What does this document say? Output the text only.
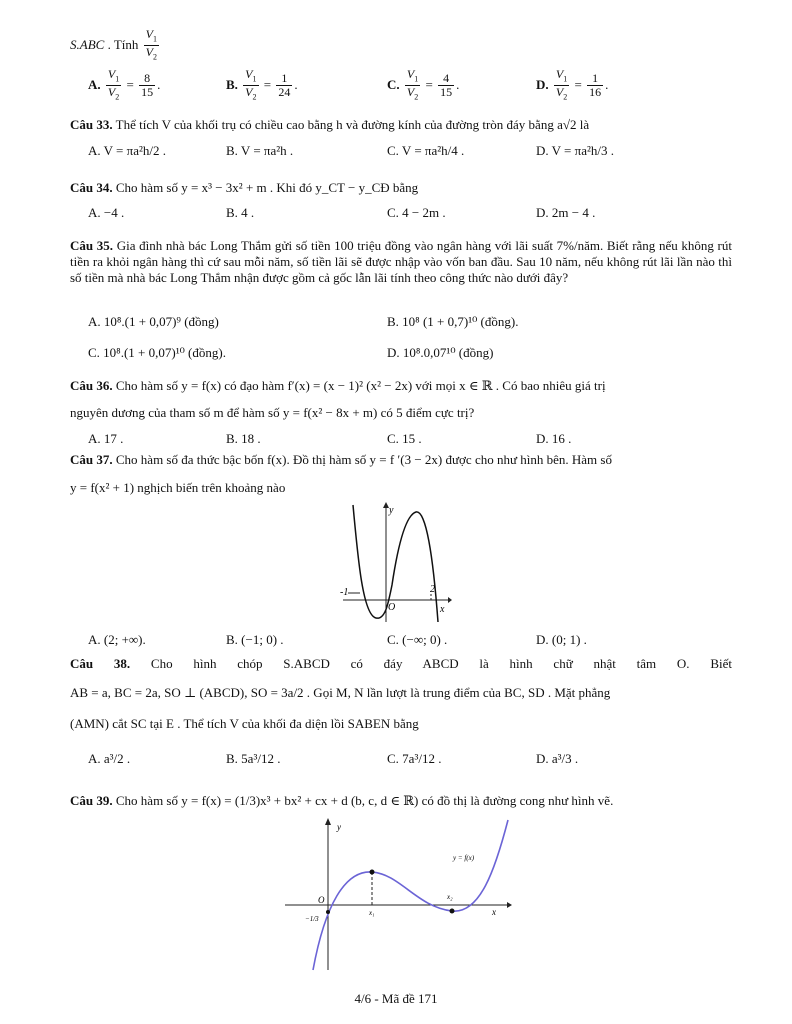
S.ABC . Tính $\frac{V_1}{V_2}$
A. $\frac{V_1}{V_2} = \frac{8}{15}$ .	B. $\frac{V_1}{V_2} = \frac{1}{24}$ .	C. $\frac{V_1}{V_2} = \frac{4}{15}$ .	D. $\frac{V_1}{V_2} = \frac{1}{16}$ .
Câu 33. Thể tích V của khối trụ có chiều cao bằng h và đường kính của đường tròn đáy bằng a√2 là
A. V = πa²h/2 .	B. V = πa²h .	C. V = πa²h/4 .	D. V = πa²h/3 .
Câu 34. Cho hàm số y = x³ − 3x² + m . Khi đó y_CT − y_CĐ bằng
A. −4 .	B. 4 .	C. 4 − 2m .	D. 2m − 4 .
Câu 35. Gia đình nhà bác Long Thắm gửi số tiền 100 triệu đồng vào ngân hàng với lãi suất 7%/năm. Biết rằng nếu không rút tiền ra khỏi ngân hàng thì cứ sau mỗi năm, số tiền lãi sẽ được nhập vào vốn ban đầu. Sau 10 năm, nếu không rút lãi lần nào thì số tiền mà nhà bác Long Thắm nhận được gồm cả gốc lẫn lãi tính theo công thức nào dưới đây?
A. 10⁸.(1 + 0,07)⁹ (đồng)	B. 10⁸ (1 + 0,7)¹⁰ (đồng).
C. 10⁸.(1 + 0,07)¹⁰ (đồng).	D. 10⁸.0,07¹⁰ (đồng)
Câu 36. Cho hàm số y = f(x) có đạo hàm f′(x) = (x − 1)² (x² − 2x) với mọi x ∈ ℝ . Có bao nhiêu giá trị
nguyên dương của tham số m để hàm số y = f(x² − 8x + m) có 5 điểm cực trị?
A. 17 .	B. 18 .	C. 15 .	D. 16 .
Câu 37. Cho hàm số đa thức bậc bốn f(x). Đồ thị hàm số y = f ′(3 − 2x) được cho như hình bên. Hàm số
y = f(x² + 1) nghịch biến trên khoảng nào
y
x
O
-1	2
A. (2; +∞).	B. (−1; 0) .	C. (−∞; 0) .	D. (0; 1) .
Câu 38. Cho hình chóp S.ABCD có đáy ABCD là hình chữ nhật tâm O. Biết
AB = a, BC = 2a, SO ⊥ (ABCD), SO = 3a/2 . Gọi M, N lần lượt là trung điểm của BC, SD . Mặt phẳng
(AMN) cắt SC tại E . Thể tích V của khối đa diện lồi SABEN bằng
A. a³/2 .	B. 5a³/12 .	C. 7a³/12 .	D. a³/3 .
Câu 39. Cho hàm số y = f(x) = (1/3)x³ + bx² + cx + d (b, c, d ∈ ℝ) có đồ thị là đường cong như hình vẽ.
y
x
O
y = f(x)
x₁
x₂
−1/3
4/6 - Mã đề 171
